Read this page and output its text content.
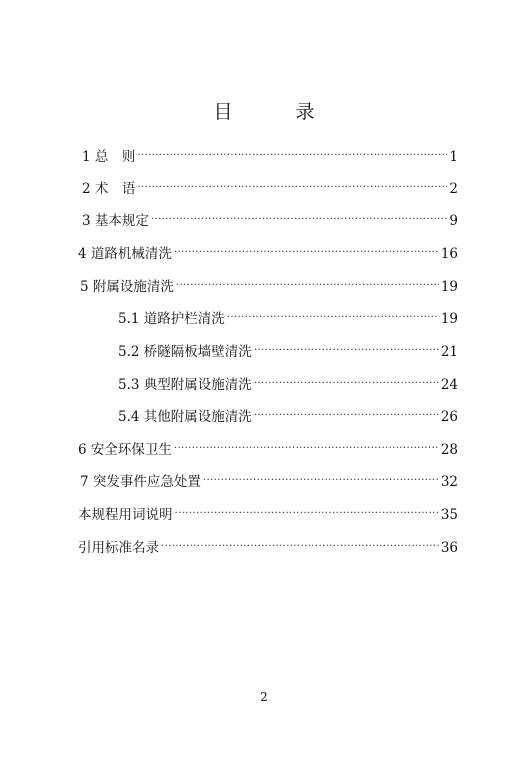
目　录
1 总　则 .....	1
2 术　语 .....	2
3 基本规定 .....	9
4 道路机械清洗 .....	16
5 附属设施清洗 .....	19
5.1 道路护栏清洗 .....	19
5.2 桥隧隔板墙壁清洗 .....	21
5.3 典型附属设施清洗 .....	24
5.4 其他附属设施清洗 .....	26
6 安全环保卫生 .....	28
7 突发事件应急处置 .....	32
本规程用词说明 .....	35
引用标准名录 .....	36
2
